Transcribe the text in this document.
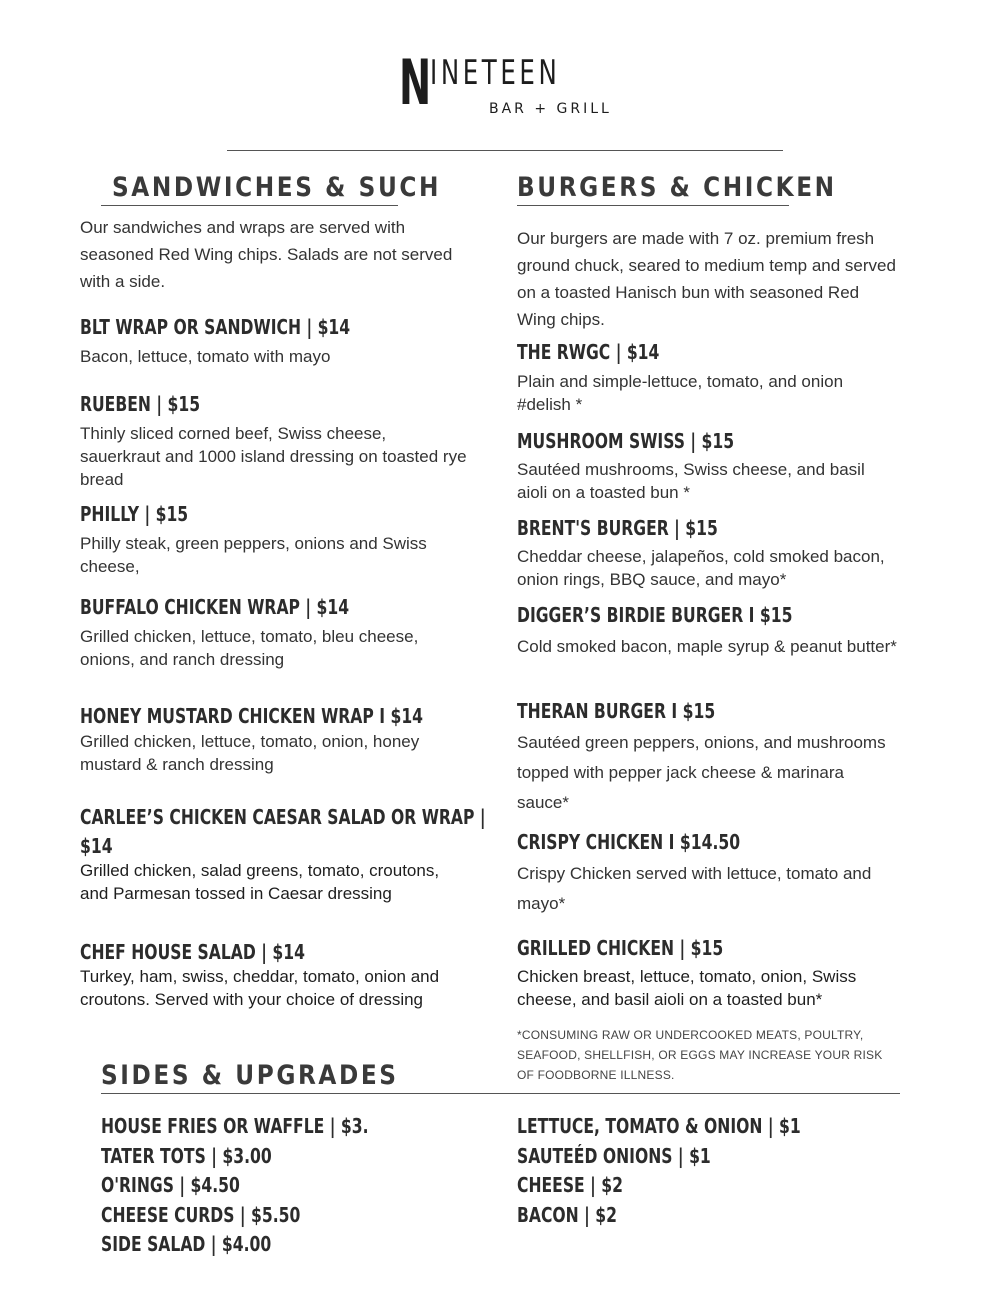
N
INETEEN
BAR + GRILL
SANDWICHES & SUCH
Our sandwiches and wraps are served with seasoned Red Wing chips. Salads are not served with a side.
BLT WRAP OR SANDWICH | $14
Bacon, lettuce, tomato with mayo
RUEBEN | $15
Thinly sliced corned beef, Swiss cheese, sauerkraut and 1000 island dressing on toasted rye bread
PHILLY | $15
Philly steak, green peppers, onions and Swiss cheese,
BUFFALO CHICKEN WRAP | $14
Grilled chicken, lettuce, tomato, bleu cheese, onions, and ranch dressing
HONEY MUSTARD CHICKEN WRAP I $14
Grilled chicken, lettuce, tomato, onion, honey mustard & ranch dressing
CARLEE’S CHICKEN CAESAR SALAD OR WRAP |
$14
Grilled chicken, salad greens, tomato, croutons, and Parmesan tossed in Caesar dressing
CHEF HOUSE SALAD | $14
Turkey, ham, swiss, cheddar, tomato, onion and croutons. Served with your choice of dressing
BURGERS & CHICKEN
Our burgers are made with 7 oz. premium fresh ground chuck, seared to medium temp and served on a toasted Hanisch bun with seasoned Red Wing chips.
THE RWGC | $14
Plain and simple-lettuce, tomato, and onion #delish *
MUSHROOM SWISS | $15
Sautéed mushrooms, Swiss cheese, and basil aioli on a toasted bun *
BRENT'S BURGER | $15
Cheddar cheese, jalapeños, cold smoked bacon, onion rings, BBQ sauce, and mayo*
DIGGER’S BIRDIE BURGER I $15
Cold smoked bacon, maple syrup & peanut butter*
THERAN BURGER I $15
Sautéed green peppers, onions, and mushrooms topped with pepper jack cheese & marinara sauce*
CRISPY CHICKEN I $14.50
Crispy Chicken served with lettuce, tomato and mayo*
GRILLED CHICKEN | $15
Chicken breast, lettuce, tomato, onion, Swiss cheese, and basil aioli on a toasted bun*
*CONSUMING RAW OR UNDERCOOKED MEATS, POULTRY, SEAFOOD, SHELLFISH, OR EGGS MAY INCREASE YOUR RISK OF FOODBORNE ILLNESS.
SIDES & UPGRADES
HOUSE FRIES OR WAFFLE | $3.
TATER TOTS | $3.00
O'RINGS | $4.50
CHEESE CURDS | $5.50
SIDE SALAD | $4.00
LETTUCE, TOMATO & ONION | $1
SAUTEÉD ONIONS | $1
CHEESE | $2
BACON | $2
